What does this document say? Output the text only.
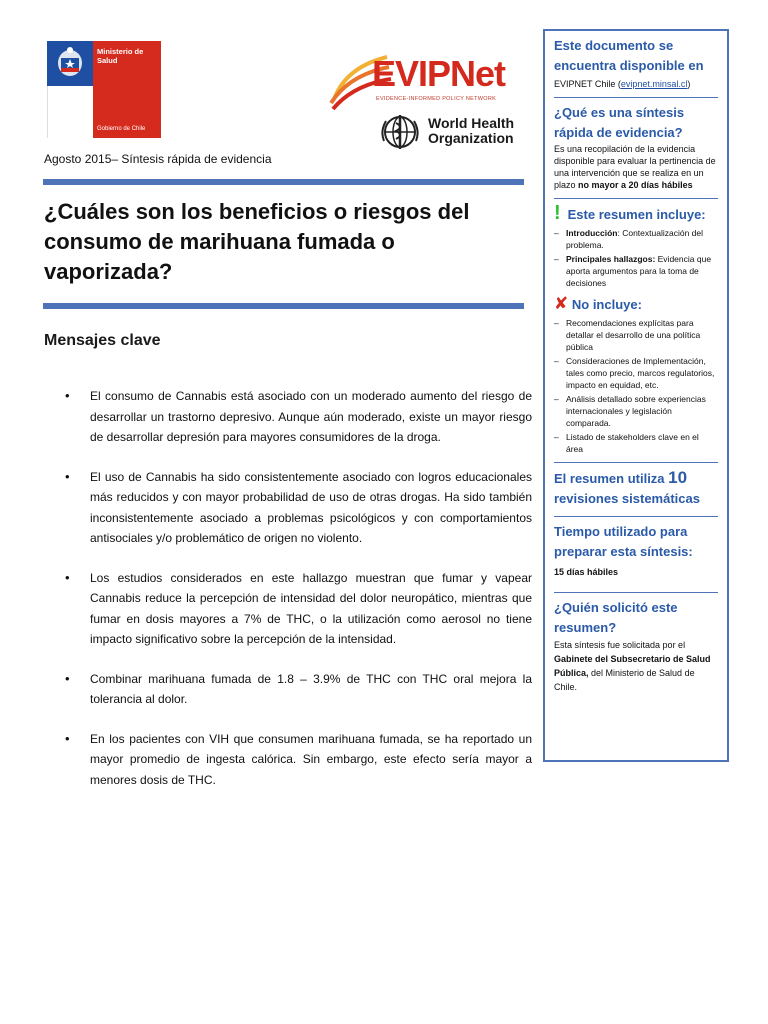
Ministerio de
Salud
Gobierno de Chile
EVIPNet
EVIDENCE-INFORMED POLICY NETWORK
World Health
Organization
Agosto 2015– Síntesis rápida de evidencia
¿Cuáles son los beneficios o riesgos del consumo de marihuana fumada o vaporizada?
Mensajes clave
• El consumo de Cannabis está asociado con un moderado aumento del riesgo de desarrollar un trastorno depresivo. Aunque aún moderado, existe un mayor riesgo de desarrollar depresión para mayores consumidores de la droga.
• El uso de Cannabis ha sido consistentemente asociado con logros educacionales más reducidos y con mayor probabilidad de uso de otras drogas. Ha sido también inconsistentemente asociado a problemas psicológicos y con comportamientos antisociales y/o problemático de origen no violento.
• Los estudios considerados en este hallazgo muestran que fumar y vapear Cannabis reduce la percepción de intensidad del dolor neuropático, mientras que fumar en dosis mayores a 7% de THC, o la utilización como aerosol no tiene impacto significativo sobre la percepción de la intensidad.
• Combinar marihuana fumada de 1.8 – 3.9% de THC con THC oral mejora la tolerancia al dolor.
• En los pacientes con VIH que consumen marihuana fumada, se ha reportado un mayor promedio de ingesta calórica. Sin embargo, este efecto sería mayor a menores dosis de THC.
Este documento se encuentra disponible en
EVIPNET Chile (evipnet.minsal.cl)
¿Qué es una síntesis rápida de evidencia?
Es una recopilación de la evidencia disponible para evaluar la pertinencia de una intervención que se realiza en un plazo no mayor a 20 días hábiles
! Este resumen incluye:
– Introducción: Contextualización del problema.
– Principales hallazgos: Evidencia que aporta argumentos para la toma de decisiones
✘ No incluye:
– Recomendaciones explícitas para detallar el desarrollo de una política pública
– Consideraciones de Implementación, tales como precio, marcos regulatorios, impacto en equidad, etc.
– Análisis detallado sobre experiencias internacionales y legislación comparada.
– Listado de stakeholders clave en el área
El resumen utiliza 10 revisiones sistemáticas
Tiempo utilizado para preparar esta síntesis:
15 días hábiles
¿Quién solicitó este resumen?
Esta síntesis fue solicitada por el Gabinete del Subsecretario de Salud Pública, del Ministerio de Salud de Chile.
